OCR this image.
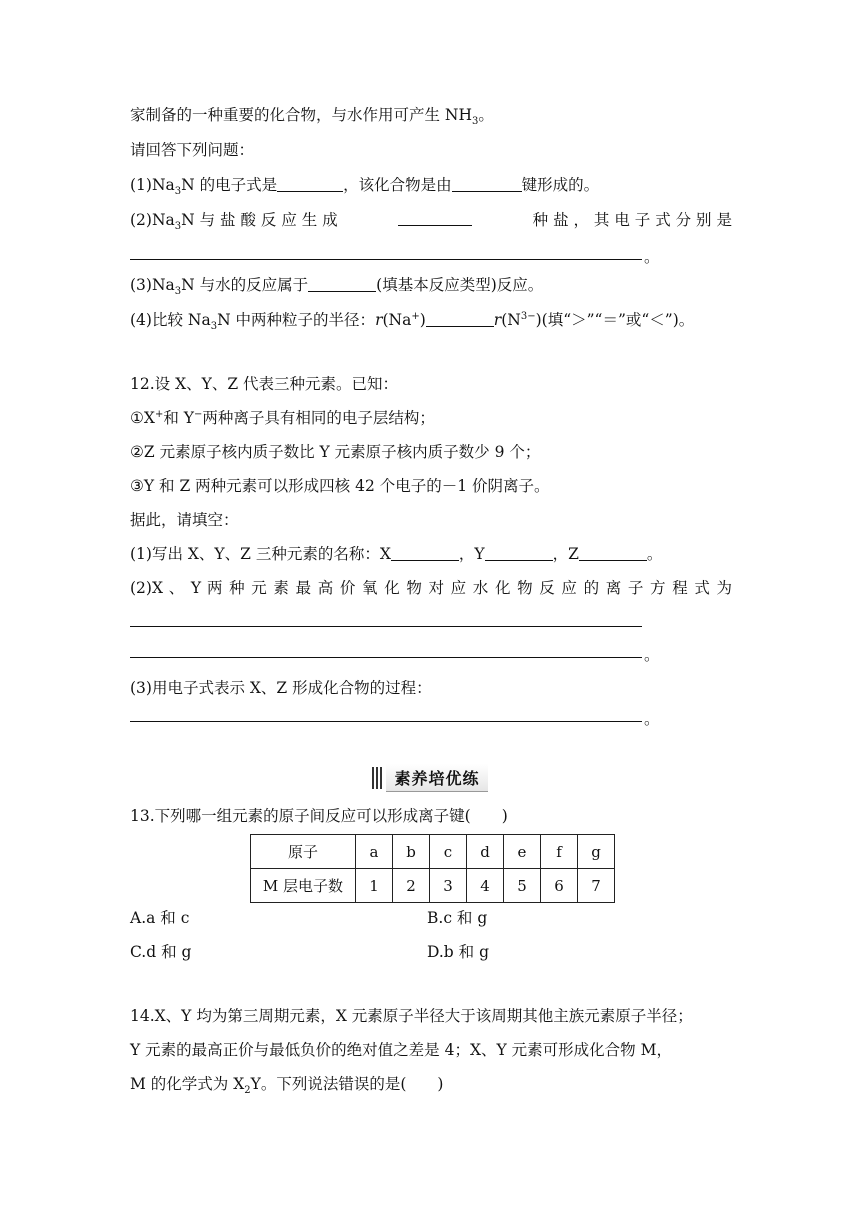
家制备的一种重要的化合物，与水作用可产生 $NH_3$。
请回答下列问题：
$(1)Na_3N$ 的电子式是	，该化合物是由	键形成的。
$(2)Na_3N$ 与 盐 酸 反 应 生 成	种 盐 ， 其 电 子 式 分 别 是
。
$(3)Na_3N$ 与水的反应属于	(填基本反应类型)反应。
(4)比较 $Na_3N$ 中两种粒子的半径：r(Na+)	$r(N^{3-})$(填“＞”“＝”或“＜”)。
12.设 X、Y、Z 代表三种元素。已知：
①X+和 Y−两种离子具有相同的电子层结构；
②Z 元素原子核内质子数比 Y 元素原子核内质子数少 9 个；
③Y 和 Z 两种元素可以形成四核 42 个电子的－1 价阴离子。
据此，请填空：
(1)写出 X、Y、Z 三种元素的名称：X	，Y	，Z	。
(2)X 、 Y 两 种 元 素 最 高 价 氧 化 物 对 应 水 化 物 反 应 的 离 子 方 程 式 为
。
(3)用电子式表示 X、Z 形成化合物的过程：
。
素养培优练
13.下列哪一组元素的原子间反应可以形成离子键(　　)
原子	a	b	c	d	e	f	g
M 层电子数	1	2	3	4	5	6	7
A.a 和 c	B.c 和 g
C.d 和 g	D.b 和 g
14.X、Y 均为第三周期元素，X 元素原子半径大于该周期其他主族元素原子半径；
Y 元素的最高正价与最低负价的绝对值之差是 4；X、Y 元素可形成化合物 M，
M 的化学式为 $X_2Y$。下列说法错误的是(　　)
